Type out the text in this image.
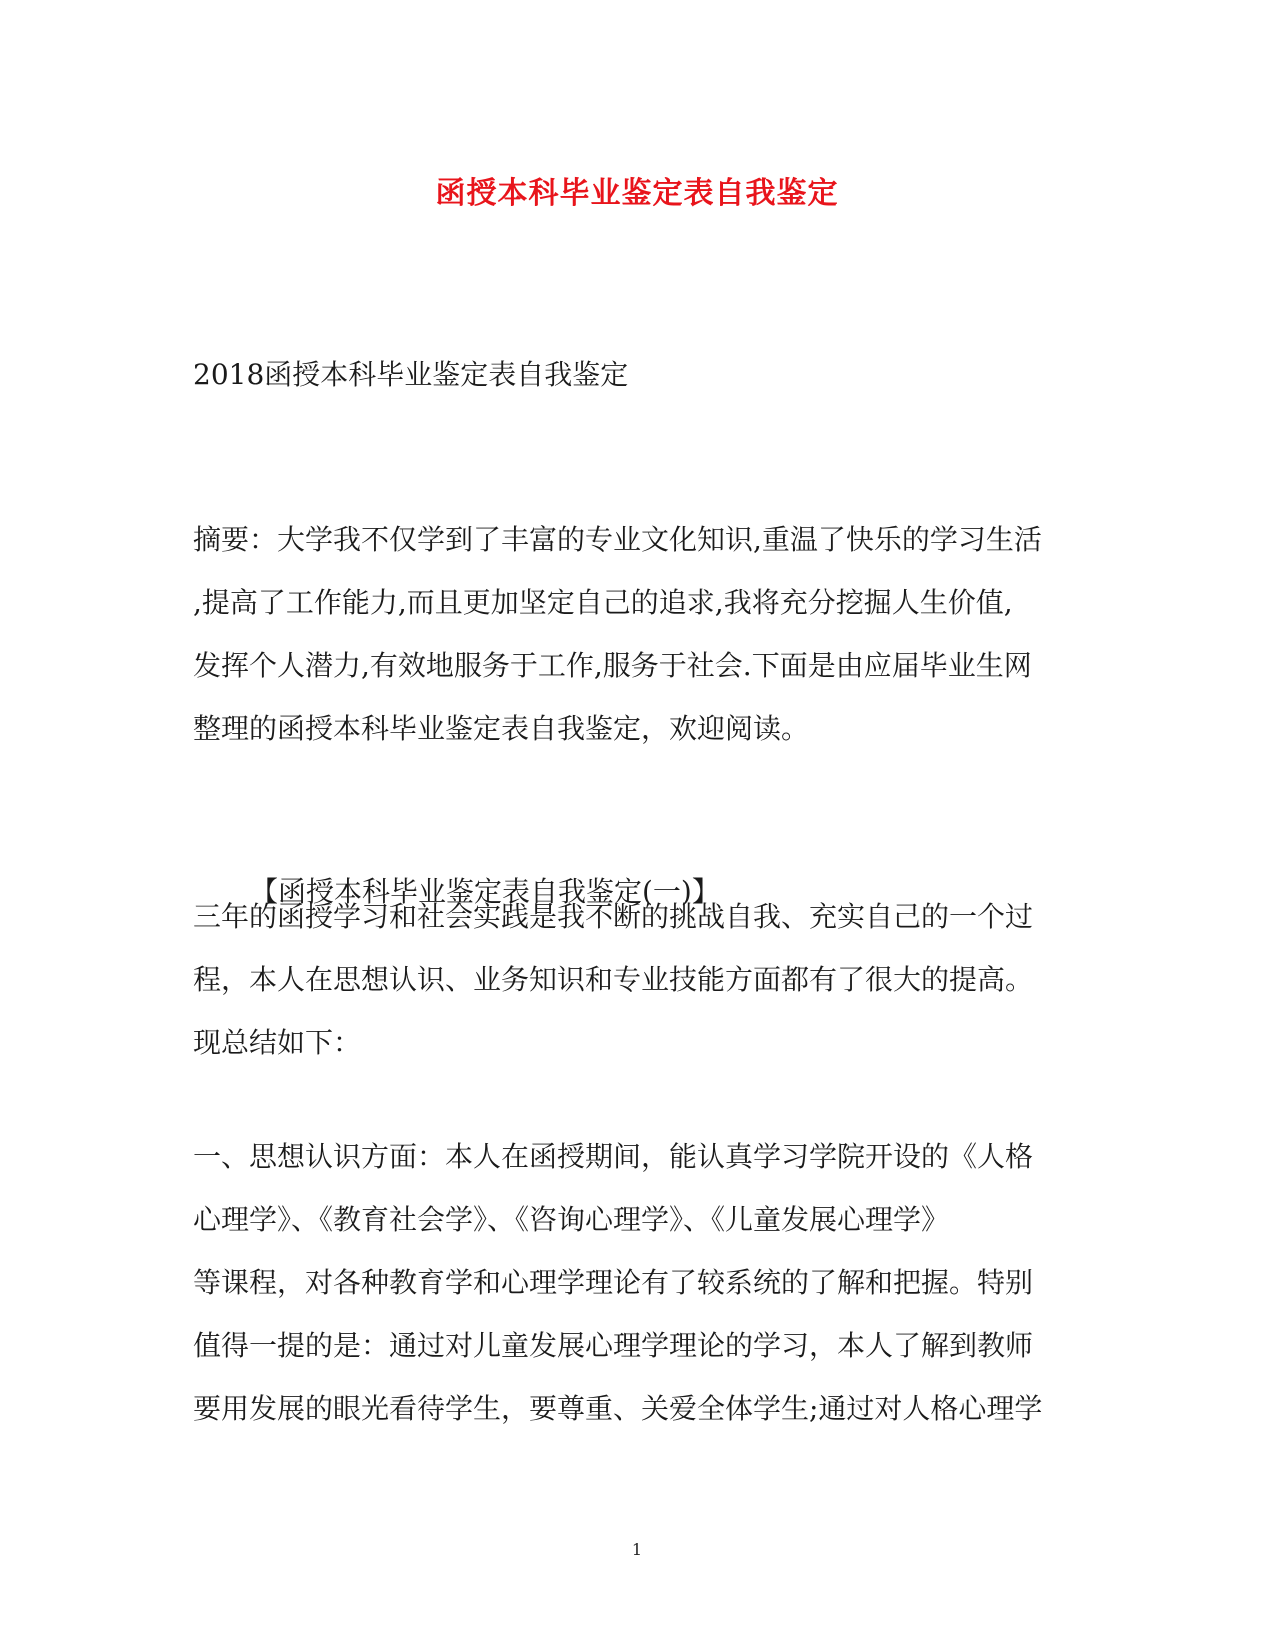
函授本科毕业鉴定表自我鉴定
2018函授本科毕业鉴定表自我鉴定
摘要：大学我不仅学到了丰富的专业文化知识,重温了快乐的学习生活
,提高了工作能力,而且更加坚定自己的追求,我将充分挖掘人生价值,
发挥个人潜力,有效地服务于工作,服务于社会.下面是由应届毕业生网
整理的函授本科毕业鉴定表自我鉴定，欢迎阅读。
【函授本科毕业鉴定表自我鉴定(一)】
三年的函授学习和社会实践是我不断的挑战自我、充实自己的一个过
程，本人在思想认识、业务知识和专业技能方面都有了很大的提高。
现总结如下：
一、思想认识方面：本人在函授期间，能认真学习学院开设的《人格
心理学》、《教育社会学》、《咨询心理学》、《儿童发展心理学》
等课程，对各种教育学和心理学理论有了较系统的了解和把握。特别
值得一提的是：通过对儿童发展心理学理论的学习，本人了解到教师
要用发展的眼光看待学生，要尊重、关爱全体学生;通过对人格心理学
1
